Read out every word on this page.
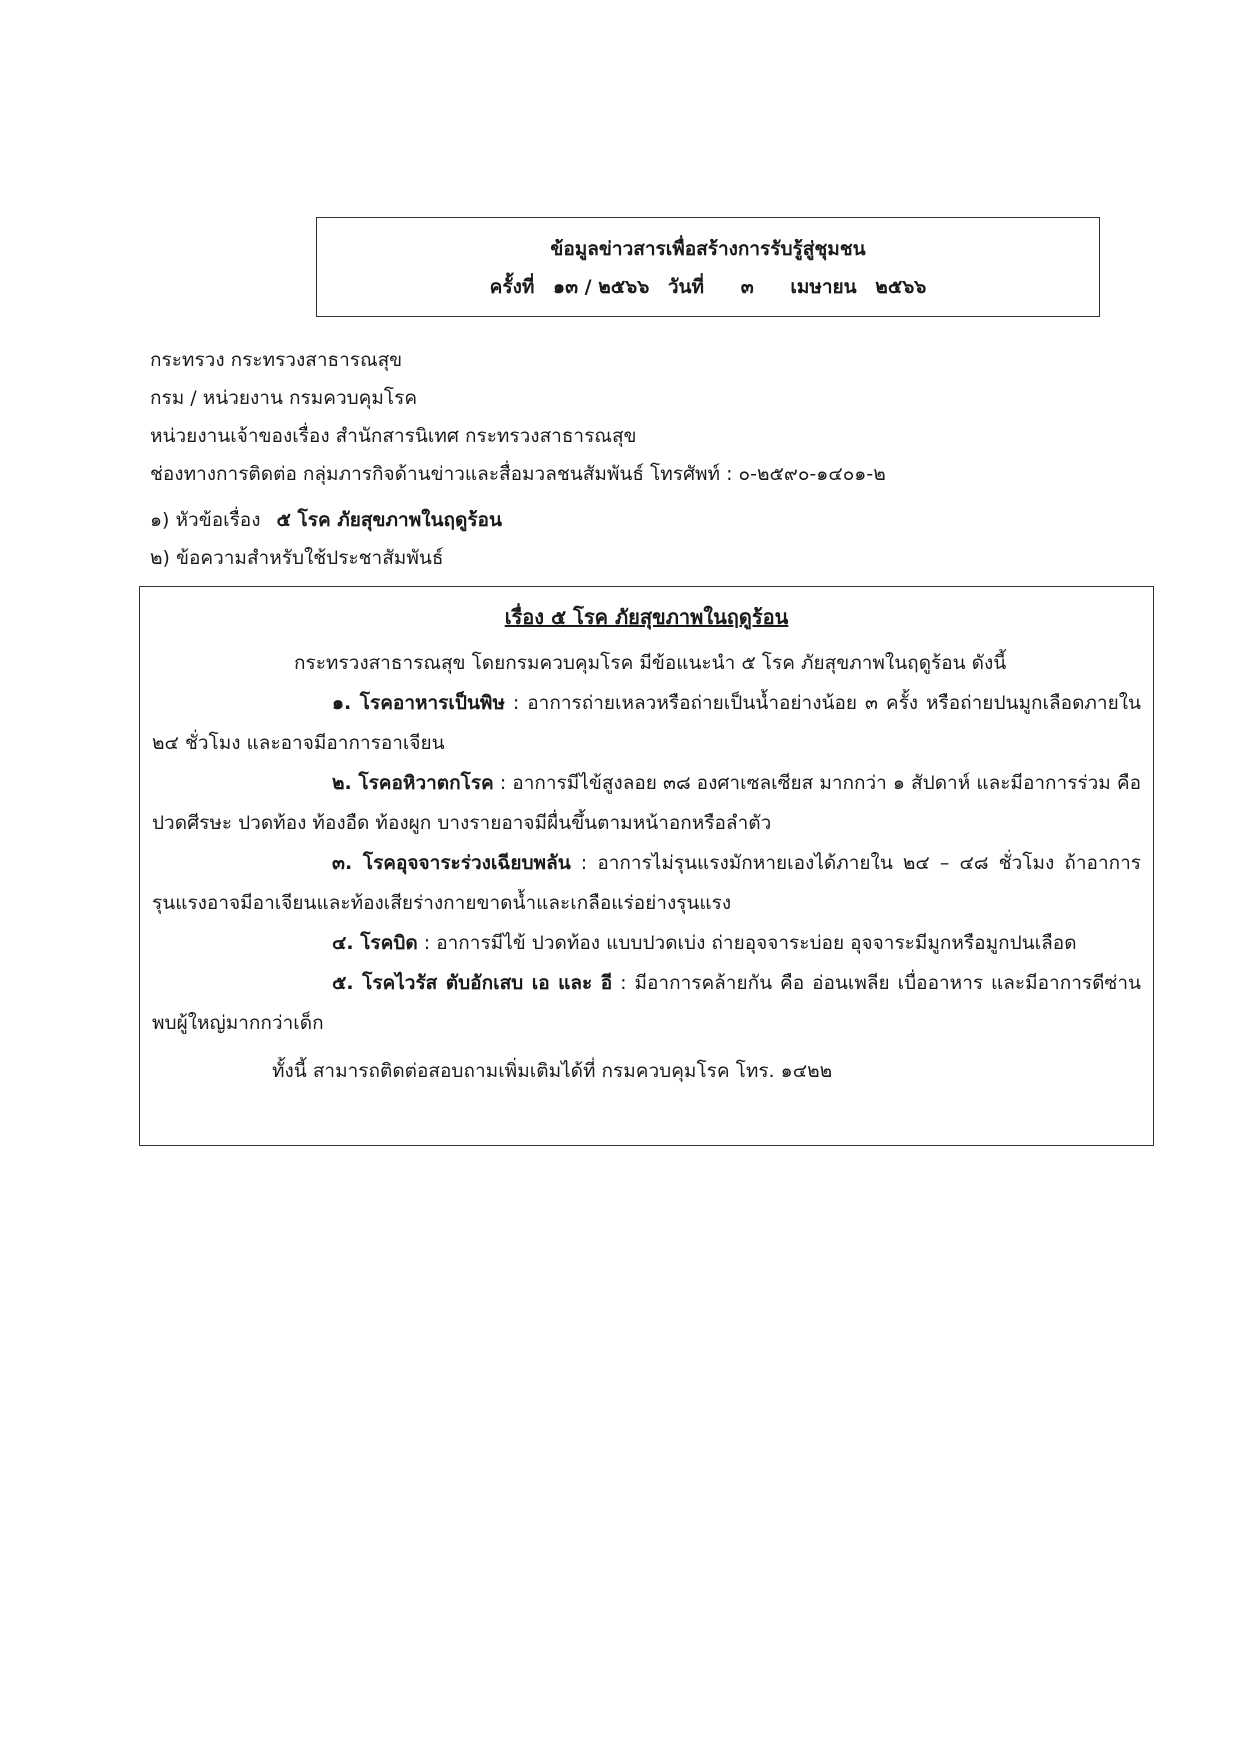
ข้อมูลข่าวสารเพื่อสร้างการรับรู้สู่ชุมชน
ครั้งที่ ๑๓ / ๒๕๖๖ วันที่ ๓ เมษายน ๒๕๖๖
กระทรวง กระทรวงสาธารณสุข
กรม / หน่วยงาน กรมควบคุมโรค
หน่วยงานเจ้าของเรื่อง สำนักสารนิเทศ กระทรวงสาธารณสุข
ช่องทางการติดต่อ กลุ่มภารกิจด้านข่าวและสื่อมวลชนสัมพันธ์ โทรศัพท์ : ๐-๒๕๙๐-๑๔๐๑-๒
๑) หัวข้อเรื่อง ๕ โรค ภัยสุขภาพในฤดูร้อน
๒) ข้อความสำหรับใช้ประชาสัมพันธ์
เรื่อง ๕ โรค ภัยสุขภาพในฤดูร้อน
กระทรวงสาธารณสุข โดยกรมควบคุมโรค มีข้อแนะนำ ๕ โรค ภัยสุขภาพในฤดูร้อน ดังนี้
๑. โรคอาหารเป็นพิษ : อาการถ่ายเหลวหรือถ่ายเป็นน้ำอย่างน้อย ๓ ครั้ง หรือถ่ายปนมูกเลือดภายใน ๒๔ ชั่วโมง และอาจมีอาการอาเจียน
๒. โรคอหิวาตกโรค : อาการมีไข้สูงลอย ๓๘ องศาเซลเซียส มากกว่า ๑ สัปดาห์ และมีอาการร่วม คือ ปวดศีรษะ ปวดท้อง ท้องอืด ท้องผูก บางรายอาจมีผื่นขึ้นตามหน้าอกหรือลำตัว
๓. โรคอุจจาระร่วงเฉียบพลัน : อาการไม่รุนแรงมักหายเองได้ภายใน ๒๔ – ๔๘ ชั่วโมง ถ้าอาการรุนแรงอาจมีอาเจียนและท้องเสียร่างกายขาดน้ำและเกลือแร่อย่างรุนแรง
๔. โรคบิด : อาการมีไข้ ปวดท้อง แบบปวดเบ่ง ถ่ายอุจจาระบ่อย อุจจาระมีมูกหรือมูกปนเลือด
๕. โรคไวรัส ตับอักเสบ เอ และ อี : มีอาการคล้ายกัน คือ อ่อนเพลีย เบื่ออาหาร และมีอาการดีซ่าน พบผู้ใหญ่มากกว่าเด็ก
ทั้งนี้ สามารถติดต่อสอบถามเพิ่มเติมได้ที่ กรมควบคุมโรค โทร. ๑๔๒๒
